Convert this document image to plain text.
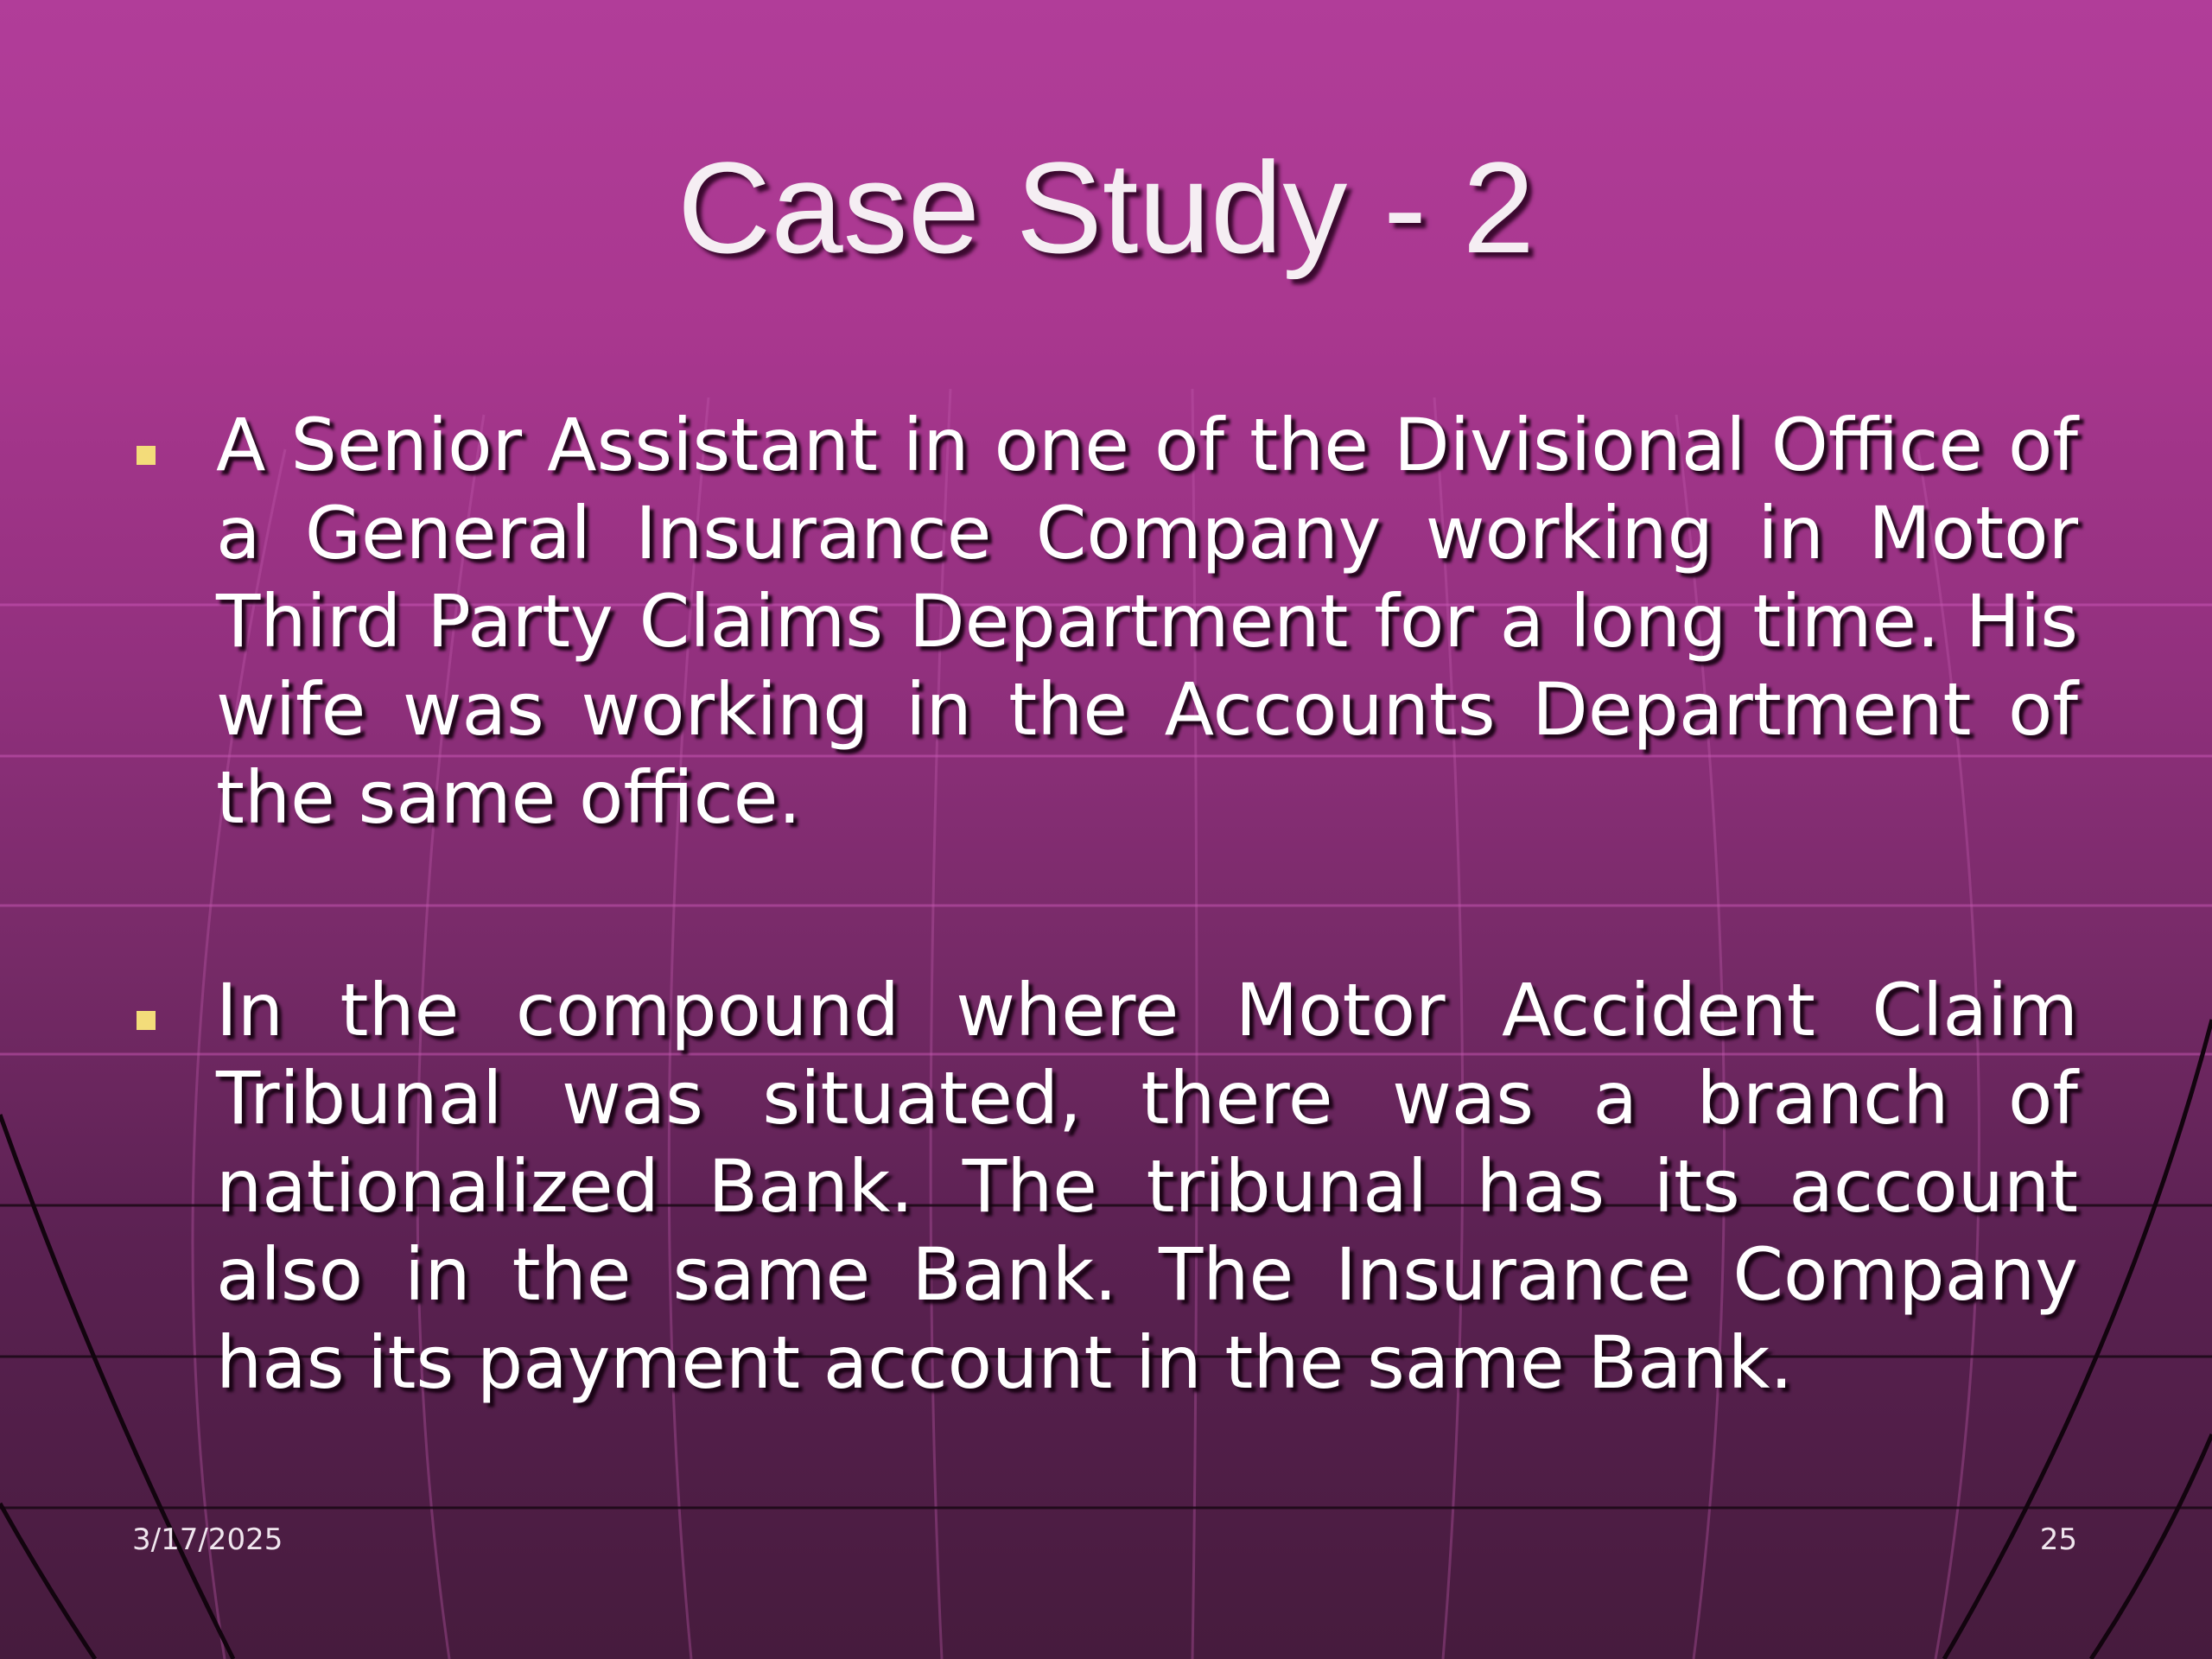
Case Study - 2
A Senior Assistant in one of the Divisional Office of a General Insurance Company working in Motor Third Party Claims Department for a long time. His wife was working in the Accounts Department of the same office.
In the compound where Motor Accident Claim Tribunal was situated, there was a branch of nationalized Bank. The tribunal has its account also in the same Bank. The Insurance Company has its payment account in the same Bank.
3/17/2025	25
